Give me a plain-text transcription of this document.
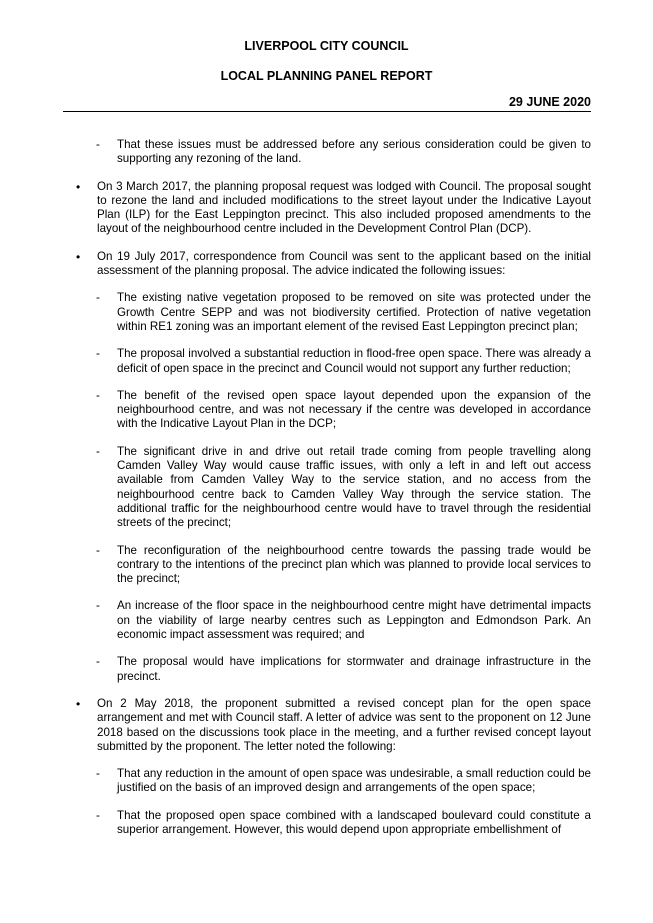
LIVERPOOL CITY COUNCIL
LOCAL PLANNING PANEL REPORT
29 JUNE 2020
- That these issues must be addressed before any serious consideration could be given to supporting any rezoning of the land.
• On 3 March 2017, the planning proposal request was lodged with Council. The proposal sought to rezone the land and included modifications to the street layout under the Indicative Layout Plan (ILP) for the East Leppington precinct. This also included proposed amendments to the layout of the neighbourhood centre included in the Development Control Plan (DCP).
• On 19 July 2017, correspondence from Council was sent to the applicant based on the initial assessment of the planning proposal. The advice indicated the following issues:
- The existing native vegetation proposed to be removed on site was protected under the Growth Centre SEPP and was not biodiversity certified. Protection of native vegetation within RE1 zoning was an important element of the revised East Leppington precinct plan;
- The proposal involved a substantial reduction in flood-free open space. There was already a deficit of open space in the precinct and Council would not support any further reduction;
- The benefit of the revised open space layout depended upon the expansion of the neighbourhood centre, and was not necessary if the centre was developed in accordance with the Indicative Layout Plan in the DCP;
- The significant drive in and drive out retail trade coming from people travelling along Camden Valley Way would cause traffic issues, with only a left in and left out access available from Camden Valley Way to the service station, and no access from the neighbourhood centre back to Camden Valley Way through the service station. The additional traffic for the neighbourhood centre would have to travel through the residential streets of the precinct;
- The reconfiguration of the neighbourhood centre towards the passing trade would be contrary to the intentions of the precinct plan which was planned to provide local services to the precinct;
- An increase of the floor space in the neighbourhood centre might have detrimental impacts on the viability of large nearby centres such as Leppington and Edmondson Park. An economic impact assessment was required; and
- The proposal would have implications for stormwater and drainage infrastructure in the precinct.
• On 2 May 2018, the proponent submitted a revised concept plan for the open space arrangement and met with Council staff. A letter of advice was sent to the proponent on 12 June 2018 based on the discussions took place in the meeting, and a further revised concept layout submitted by the proponent. The letter noted the following:
- That any reduction in the amount of open space was undesirable, a small reduction could be justified on the basis of an improved design and arrangements of the open space;
- That the proposed open space combined with a landscaped boulevard could constitute a superior arrangement. However, this would depend upon appropriate embellishment of
